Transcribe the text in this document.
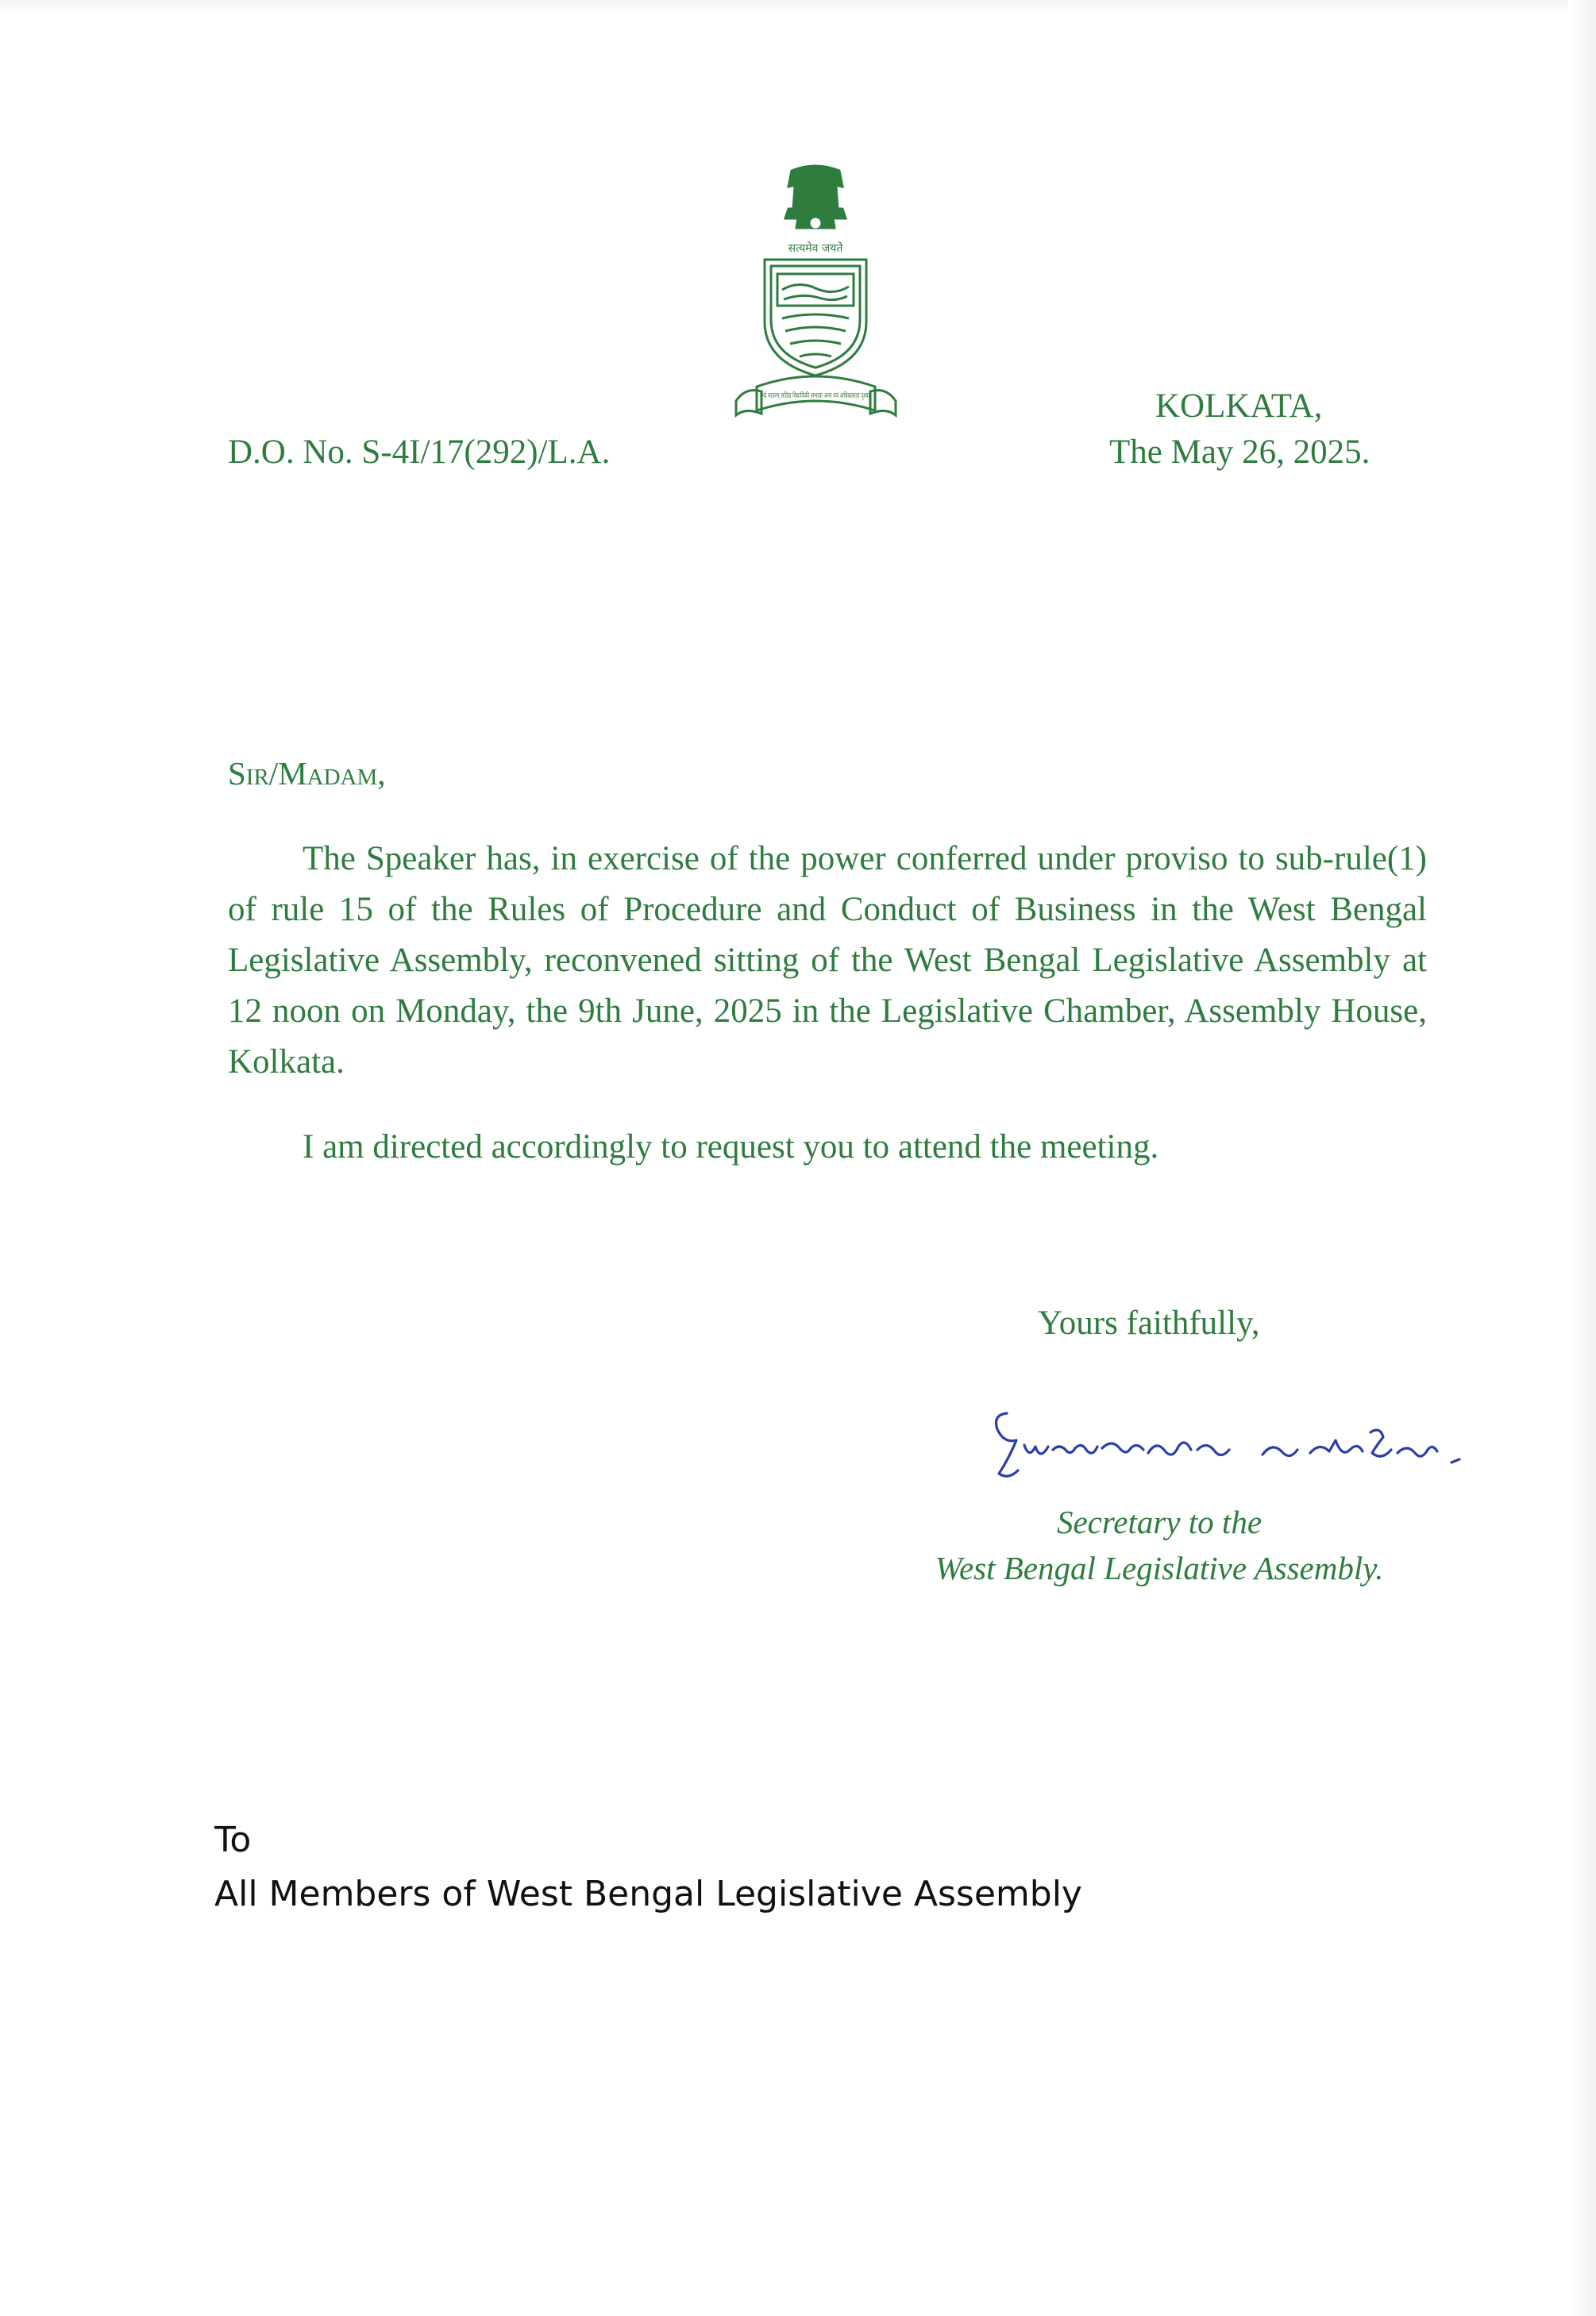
सत्यमेव जयते
वन्दे मातरम् सतिद्य विधायिकी सभाया अन्य एवं अधिकाशता दृश्यते
D.O. No. S-4I/17(292)/L.A.
KOLKATA,
The May 26, 2025.
Sir/Madam,
The Speaker has, in exercise of the power conferred under proviso to sub-rule(1) of rule 15 of the Rules of Procedure and Conduct of Business in the West Bengal Legislative Assembly, reconvened sitting of the West Bengal Legislative Assembly at 12 noon on Monday, the 9th June, 2025 in the Legislative Chamber, Assembly House, Kolkata.
I am directed accordingly to request you to attend the meeting.
Yours faithfully,
Secretary to the
West Bengal Legislative Assembly.
To
All Members of West Bengal Legislative Assembly
